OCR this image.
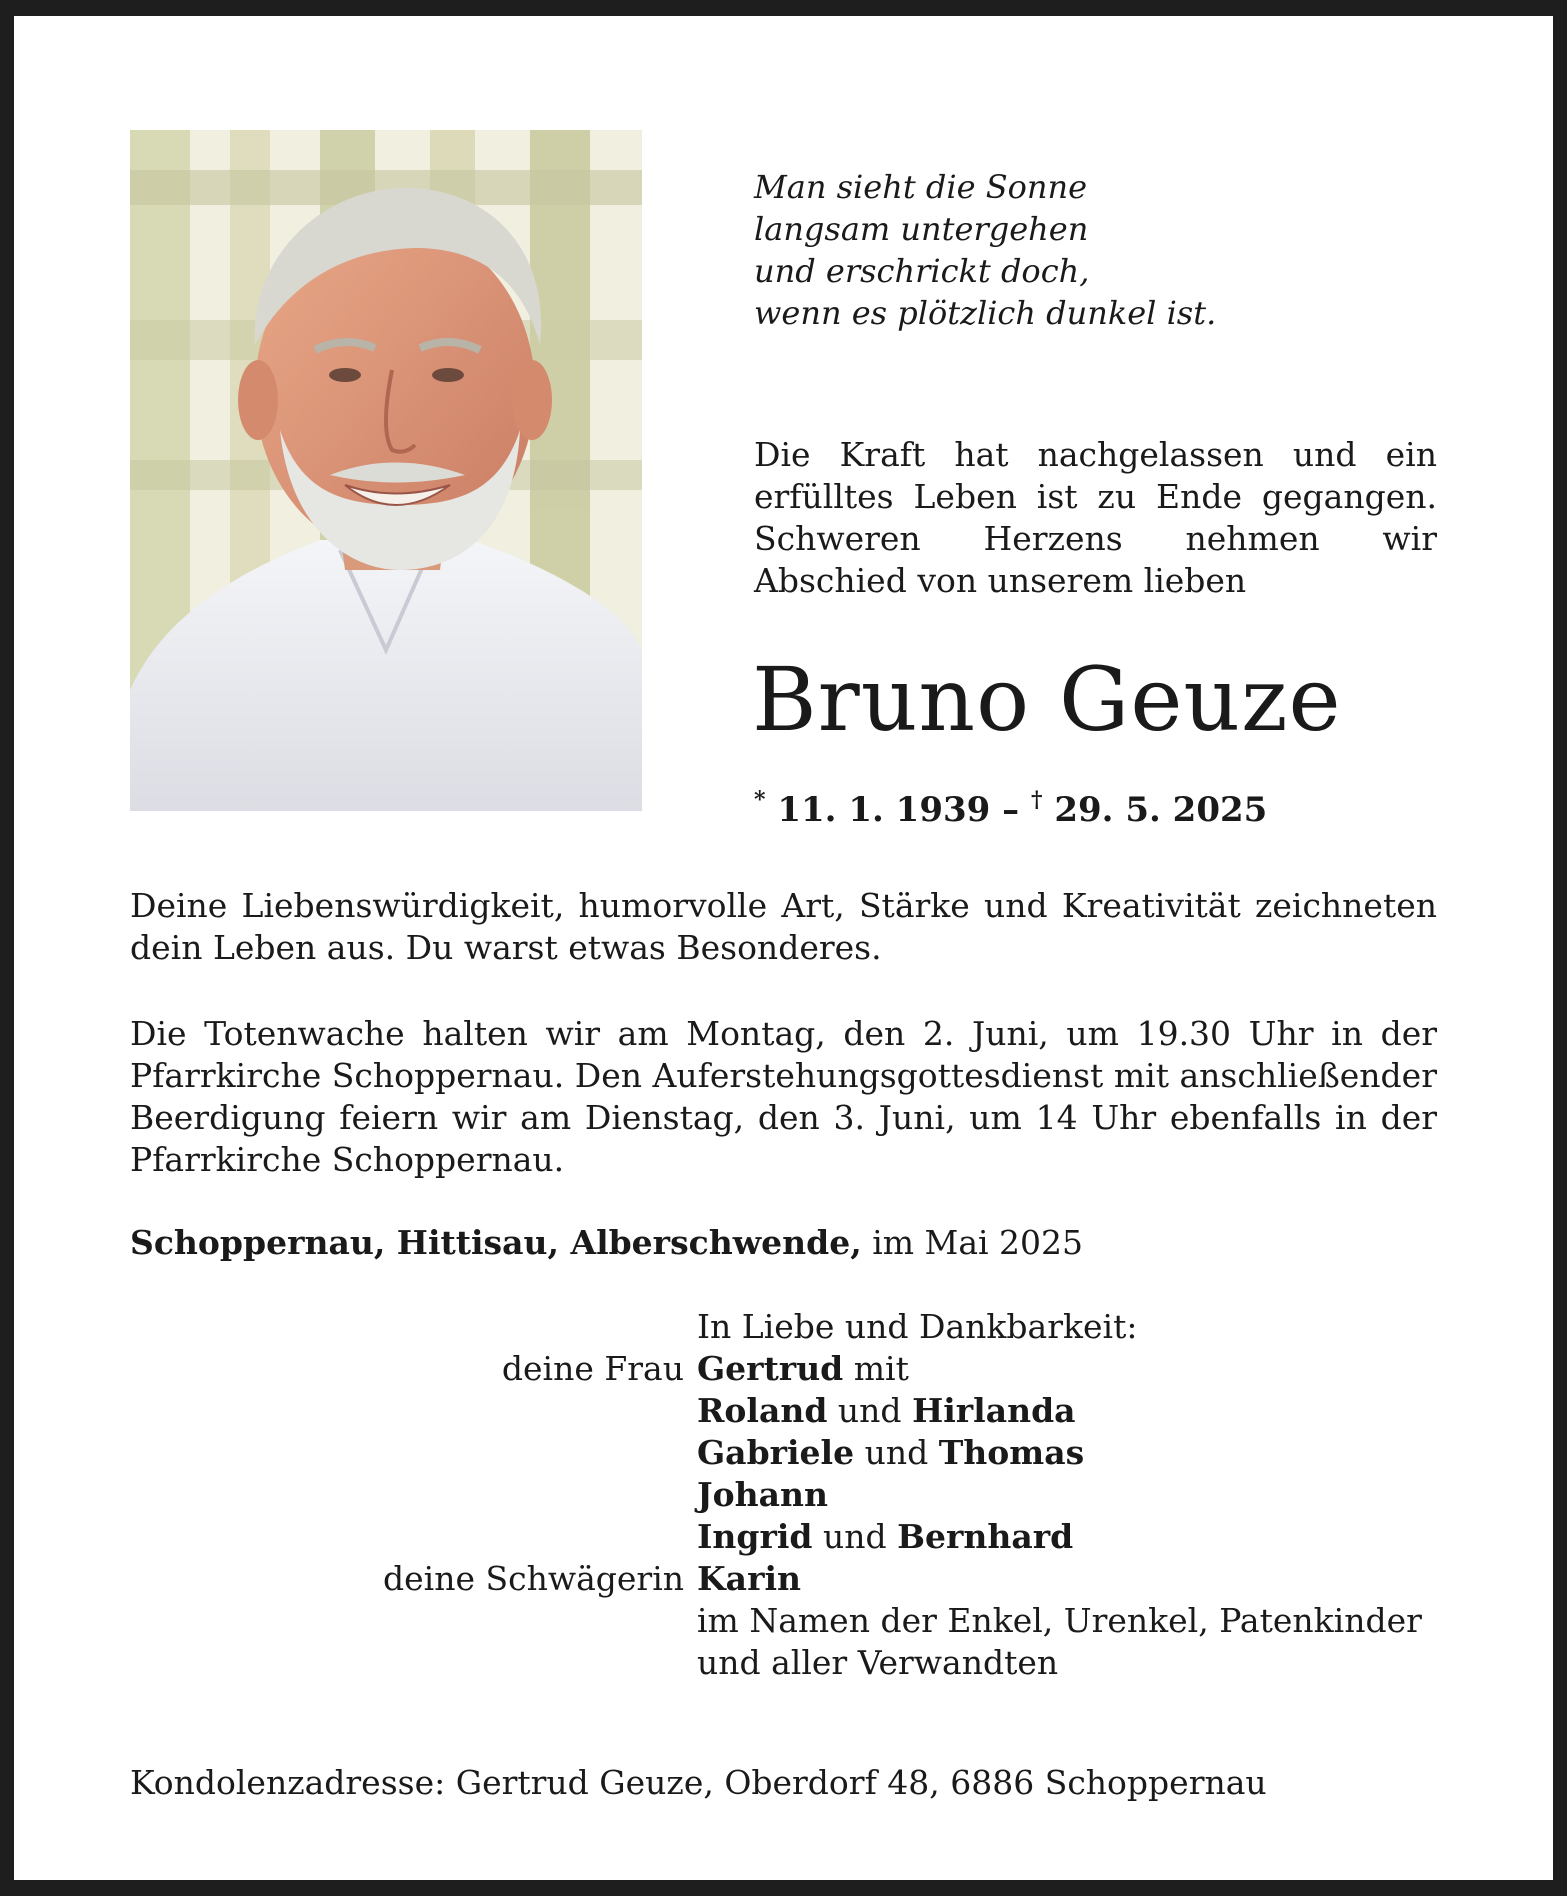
Man sieht die Sonne
langsam untergehen
und erschrickt doch,
wenn es plötzlich dunkel ist.
Die Kraft hat nachgelassen und ein erfülltes Leben ist zu Ende gegangen. Schweren Herzens nehmen wir Abschied von unserem lieben
Bruno Geuze
* 11. 1. 1939 – † 29. 5. 2025
Deine Liebenswürdigkeit, humorvolle Art, Stärke und Kreativität zeichneten dein Leben aus. Du warst etwas Besonderes.
Die Totenwache halten wir am Montag, den 2. Juni, um 19.30 Uhr in der Pfarrkirche Schoppernau. Den Auferstehungsgottesdienst mit anschließender Beerdigung feiern wir am Dienstag, den 3. Juni, um 14 Uhr ebenfalls in der Pfarrkirche Schoppernau.
Schoppernau, Hittisau, Alberschwende, im Mai 2025
In Liebe und Dankbarkeit:
deine Frau Gertrud mit
Roland und Hirlanda
Gabriele und Thomas
Johann
Ingrid und Bernhard
deine Schwägerin Karin
im Namen der Enkel, Urenkel, Patenkinder
und aller Verwandten
Kondolenzadresse: Gertrud Geuze, Oberdorf 48, 6886 Schoppernau
